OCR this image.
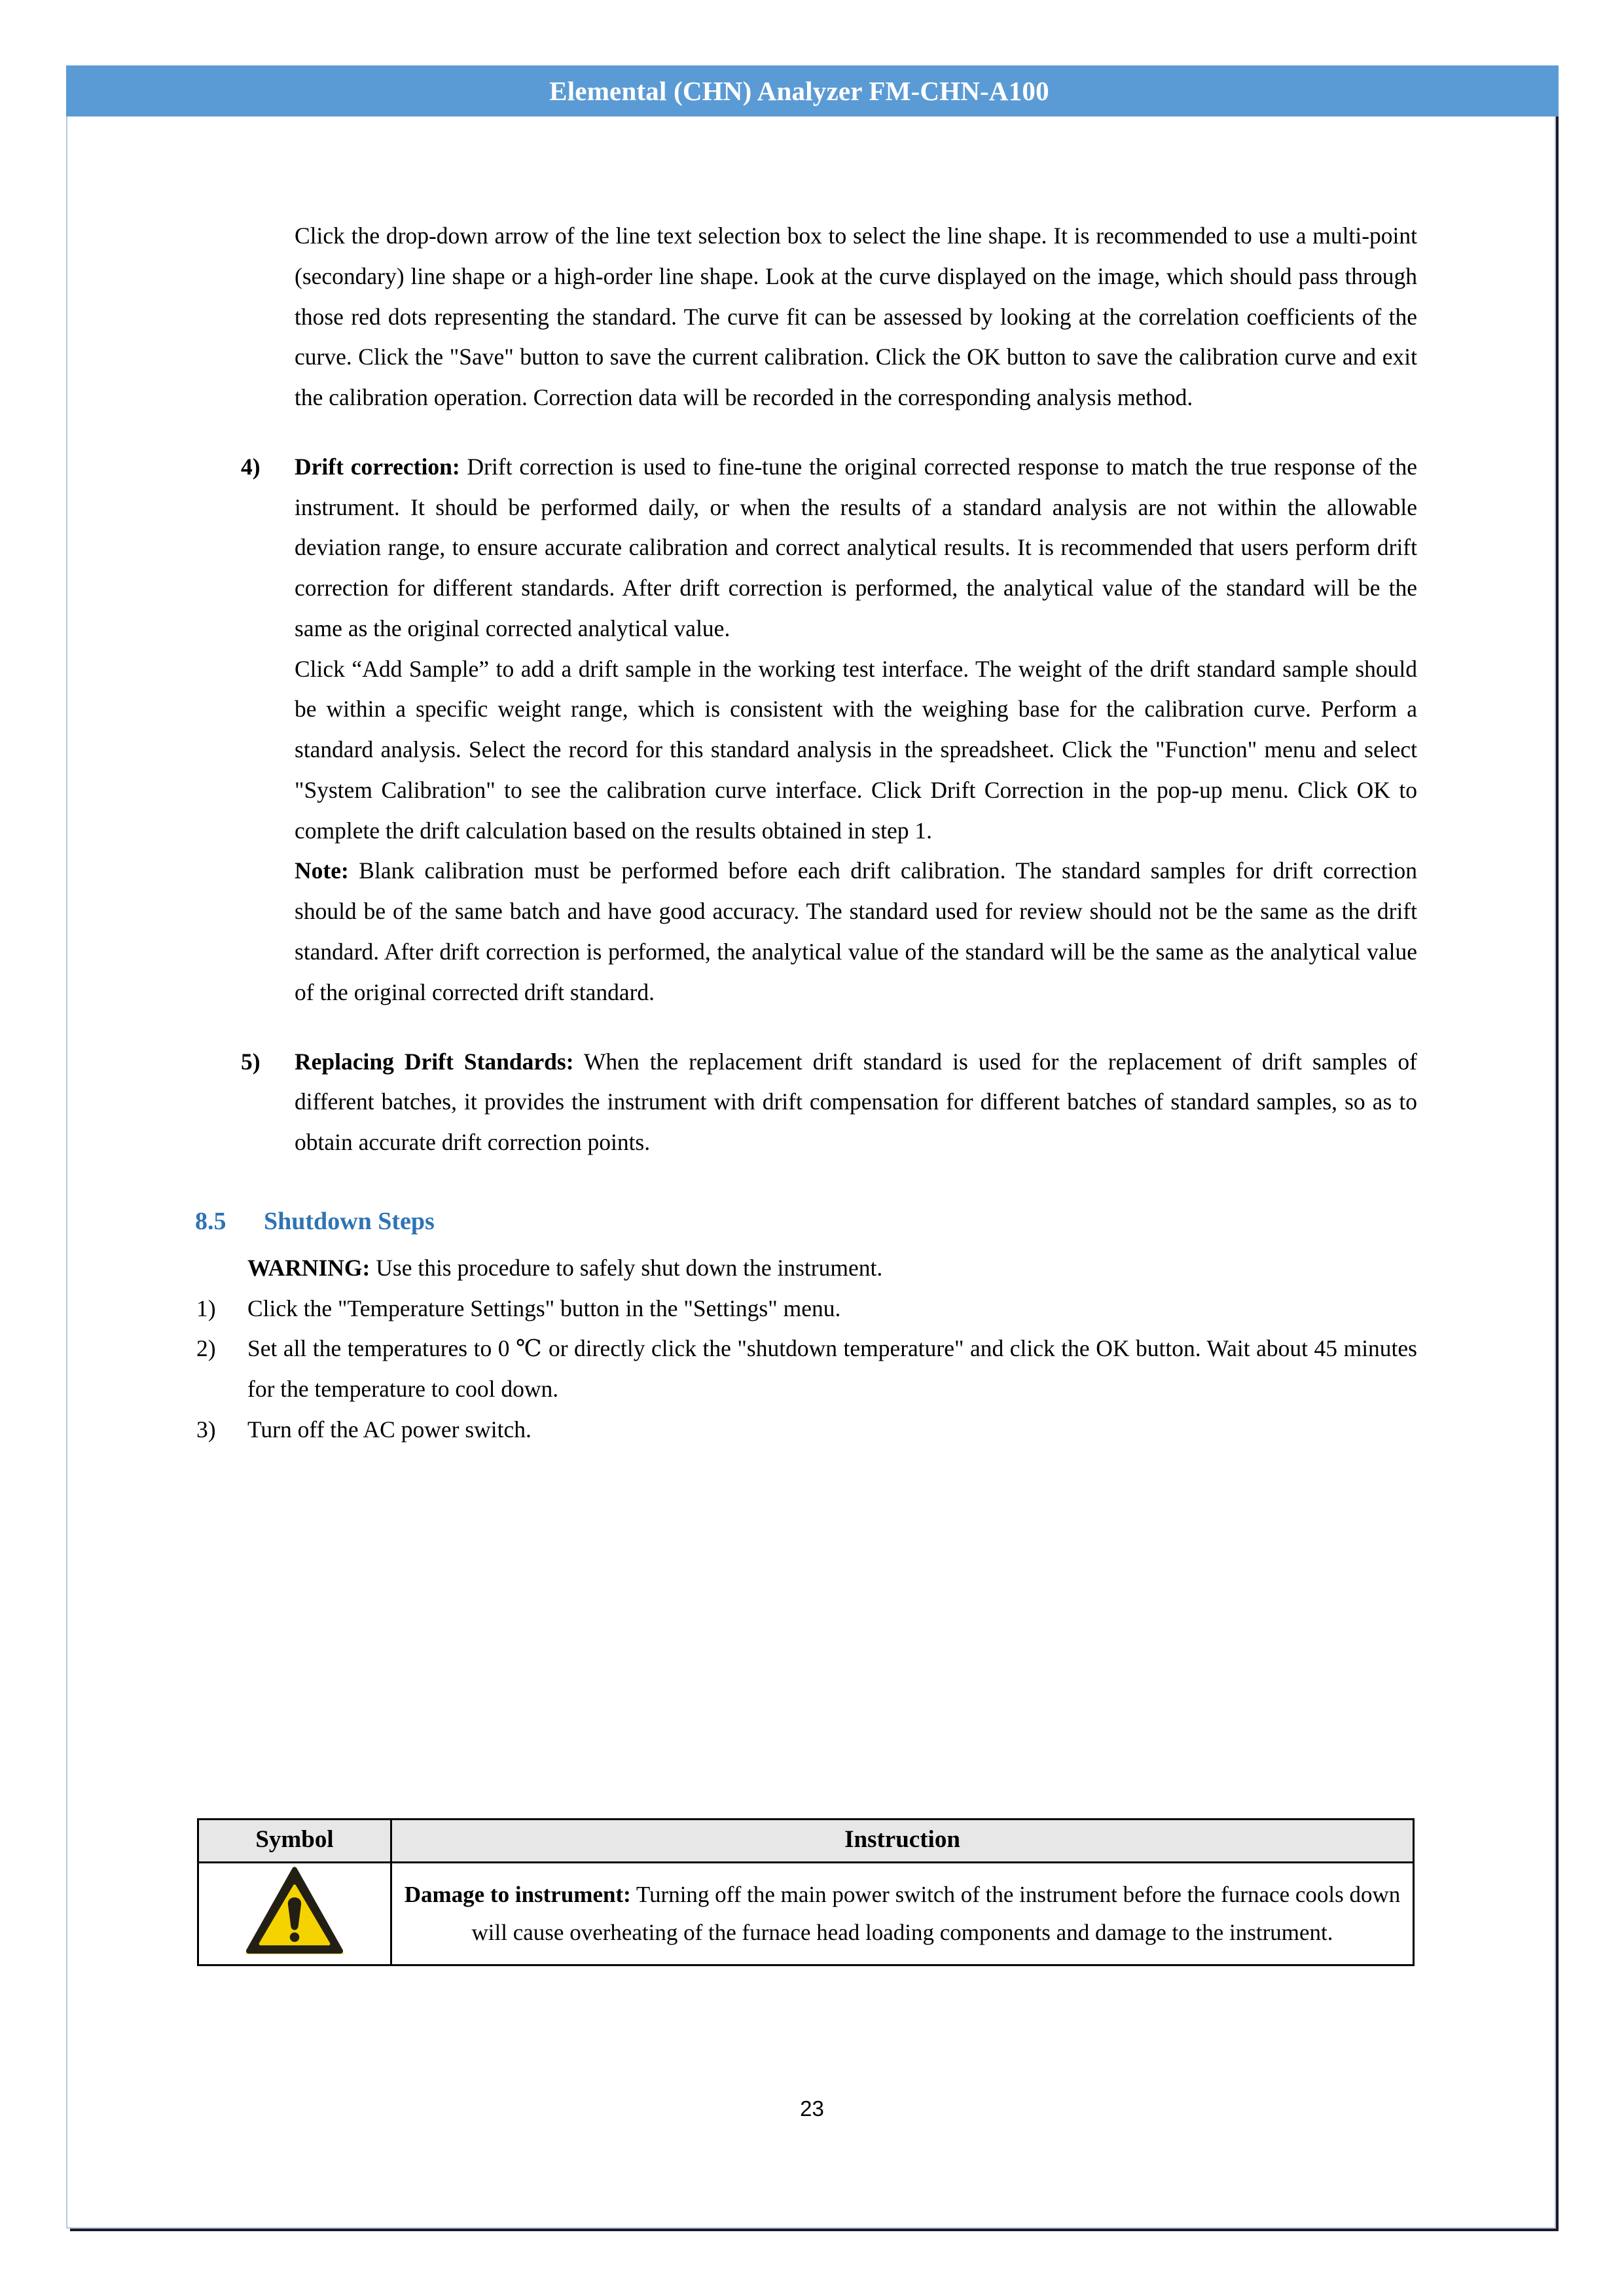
Elemental (CHN) Analyzer FM-CHN-A100

Click the drop-down arrow of the line text selection box to select the line shape. It is recommended to use a multi-point (secondary) line shape or a high-order line shape. Look at the curve displayed on the image, which should pass through those red dots representing the standard. The curve fit can be assessed by looking at the correlation coefficients of the curve. Click the "Save" button to save the current calibration. Click the OK button to save the calibration curve and exit the calibration operation. Correction data will be recorded in the corresponding analysis method.

4)	Drift correction: Drift correction is used to fine-tune the original corrected response to match the true response of the instrument. It should be performed daily, or when the results of a standard analysis are not within the allowable deviation range, to ensure accurate calibration and correct analytical results. It is recommended that users perform drift correction for different standards. After drift correction is performed, the analytical value of the standard will be the same as the original corrected analytical value.
Click “Add Sample” to add a drift sample in the working test interface. The weight of the drift standard sample should be within a specific weight range, which is consistent with the weighing base for the calibration curve. Perform a standard analysis. Select the record for this standard analysis in the spreadsheet. Click the "Function" menu and select "System Calibration" to see the calibration curve interface. Click Drift Correction in the pop-up menu. Click OK to complete the drift calculation based on the results obtained in step 1.
Note: Blank calibration must be performed before each drift calibration. The standard samples for drift correction should be of the same batch and have good accuracy. The standard used for review should not be the same as the drift standard. After drift correction is performed, the analytical value of the standard will be the same as the analytical value of the original corrected drift standard.
5)	Replacing Drift Standards: When the replacement drift standard is used for the replacement of drift samples of different batches, it provides the instrument with drift compensation for different batches of standard samples, so as to obtain accurate drift correction points.
8.5	Shutdown Steps
WARNING: Use this procedure to safely shut down the instrument.
1)	Click the "Temperature Settings" button in the "Settings" menu.
2)	Set all the temperatures to 0 ℃ or directly click the "shutdown temperature" and click the OK button. Wait about 45 minutes for the temperature to cool down.
3)	Turn off the AC power switch.
Symbol	Instruction
	Damage to instrument: Turning off the main power switch of the instrument before the furnace cools down will cause overheating of the furnace head loading components and damage to the instrument.
23
